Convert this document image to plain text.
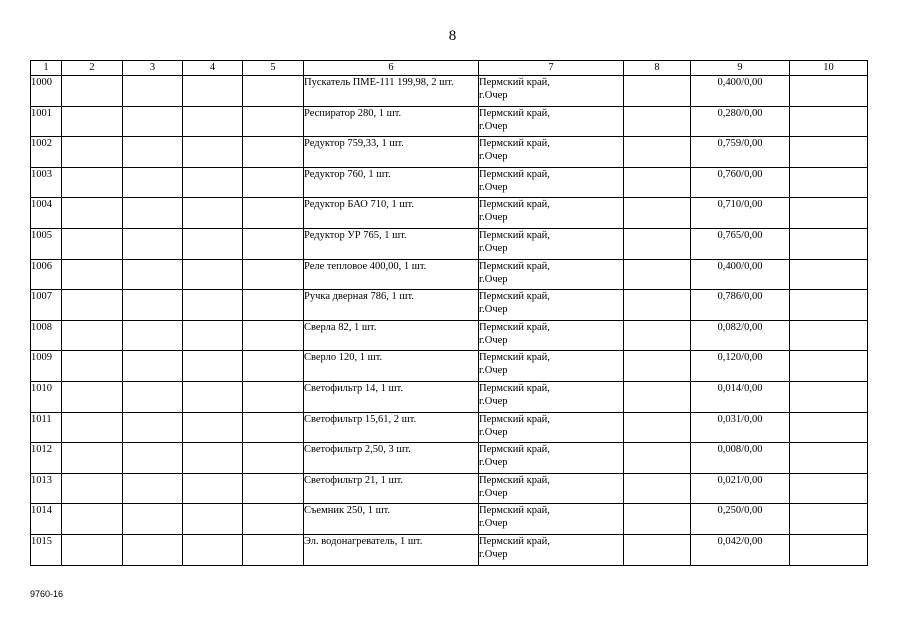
8
1	2	3	4	5	6	7	8	9	10
1000					Пускатель ПМЕ-111 199,98, 2 шт.	Пермский край,
г.Очер		0,400/0,00	
1001					Респиратор 280, 1 шт.	Пермский край,
г.Очер		0,280/0,00	
1002					Редуктор 759,33, 1 шт.	Пермский край,
г.Очер		0,759/0,00	
1003					Редуктор 760, 1 шт.	Пермский край,
г.Очер		0,760/0,00	
1004					Редуктор БАО 710, 1 шт.	Пермский край,
г.Очер		0,710/0,00	
1005					Редуктор УР 765, 1 шт.	Пермский край,
г.Очер		0,765/0,00	
1006					Реле тепловое 400,00, 1 шт.	Пермский край,
г.Очер		0,400/0,00	
1007					Ручка дверная 786, 1 шт.	Пермский край,
г.Очер		0,786/0,00	
1008					Сверла 82, 1 шт.	Пермский край,
г.Очер		0,082/0,00	
1009					Сверло 120, 1 шт.	Пермский край,
г.Очер		0,120/0,00	
1010					Светофильтр 14, 1 шт.	Пермский край,
г.Очер		0,014/0,00	
1011					Светофильтр 15,61, 2 шт.	Пермский край,
г.Очер		0,031/0,00	
1012					Светофильтр 2,50, 3 шт.	Пермский край,
г.Очер		0,008/0,00	
1013					Светофильтр 21, 1 шт.	Пермский край,
г.Очер		0,021/0,00	
1014					Съемник 250, 1 шт.	Пермский край,
г.Очер		0,250/0,00	
1015					Эл. водонагреватель, 1 шт.	Пермский край,
г.Очер		0,042/0,00	
9760-16
